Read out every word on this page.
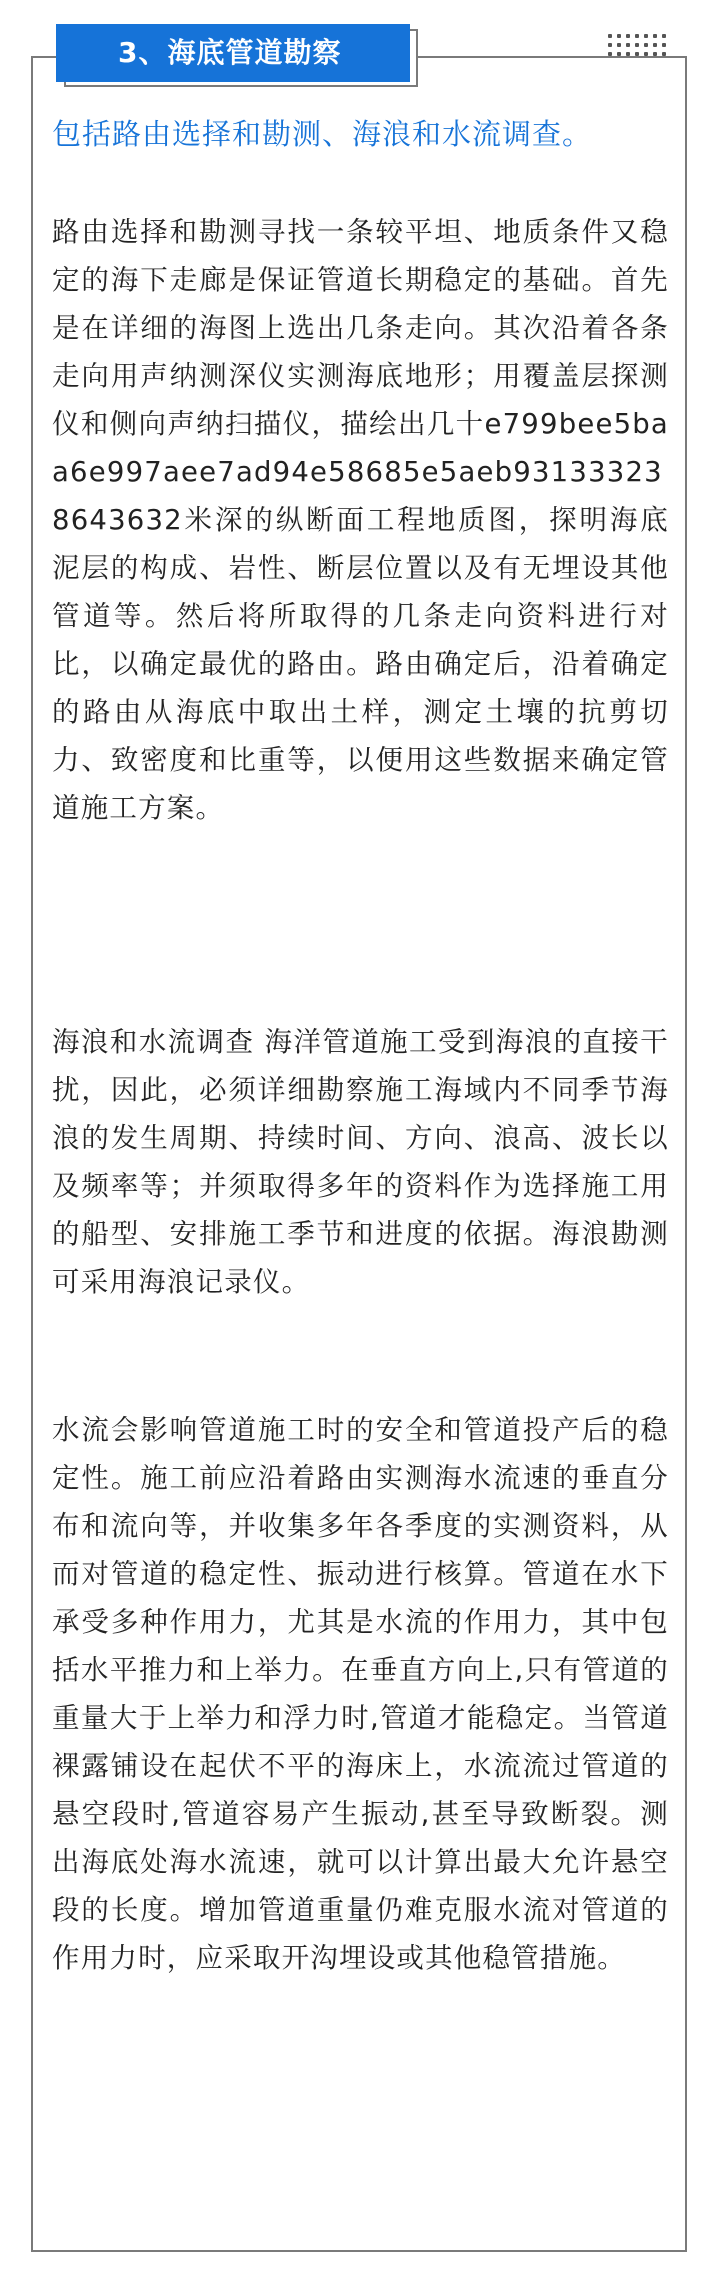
3、海底管道勘察
包括路由选择和勘测、海浪和水流调查。
路由选择和勘测寻找一条较平坦、地质条件又稳定的海下走廊是保证管道长期稳定的基础。首先是在详细的海图上选出几条走向。其次沿着各条走向用声纳测深仪实测海底地形；用覆盖层探测仪和侧向声纳扫描仪，描绘出几十e799bee5baa6e997aee7ad94e58685e5aeb931333238643632米深的纵断面工程地质图，探明海底泥层的构成、岩性、断层位置以及有无埋设其他管道等。然后将所取得的几条走向资料进行对比，以确定最优的路由。路由确定后，沿着确定的路由从海底中取出土样，测定土壤的抗剪切力、致密度和比重等，以便用这些数据来确定管道施工方案。
海浪和水流调查 海洋管道施工受到海浪的直接干扰，因此，必须详细勘察施工海域内不同季节海浪的发生周期、持续时间、方向、浪高、波长以及频率等；并须取得多年的资料作为选择施工用的船型、安排施工季节和进度的依据。海浪勘测可采用海浪记录仪。
水流会影响管道施工时的安全和管道投产后的稳定性。施工前应沿着路由实测海水流速的垂直分布和流向等，并收集多年各季度的实测资料，从而对管道的稳定性、振动进行核算。管道在水下承受多种作用力，尤其是水流的作用力，其中包括水平推力和上举力。在垂直方向上,只有管道的重量大于上举力和浮力时,管道才能稳定。当管道裸露铺设在起伏不平的海床上，水流流过管道的悬空段时,管道容易产生振动,甚至导致断裂。测出海底处海水流速，就可以计算出最大允许悬空段的长度。增加管道重量仍难克服水流对管道的作用力时，应采取开沟埋设或其他稳管措施。
